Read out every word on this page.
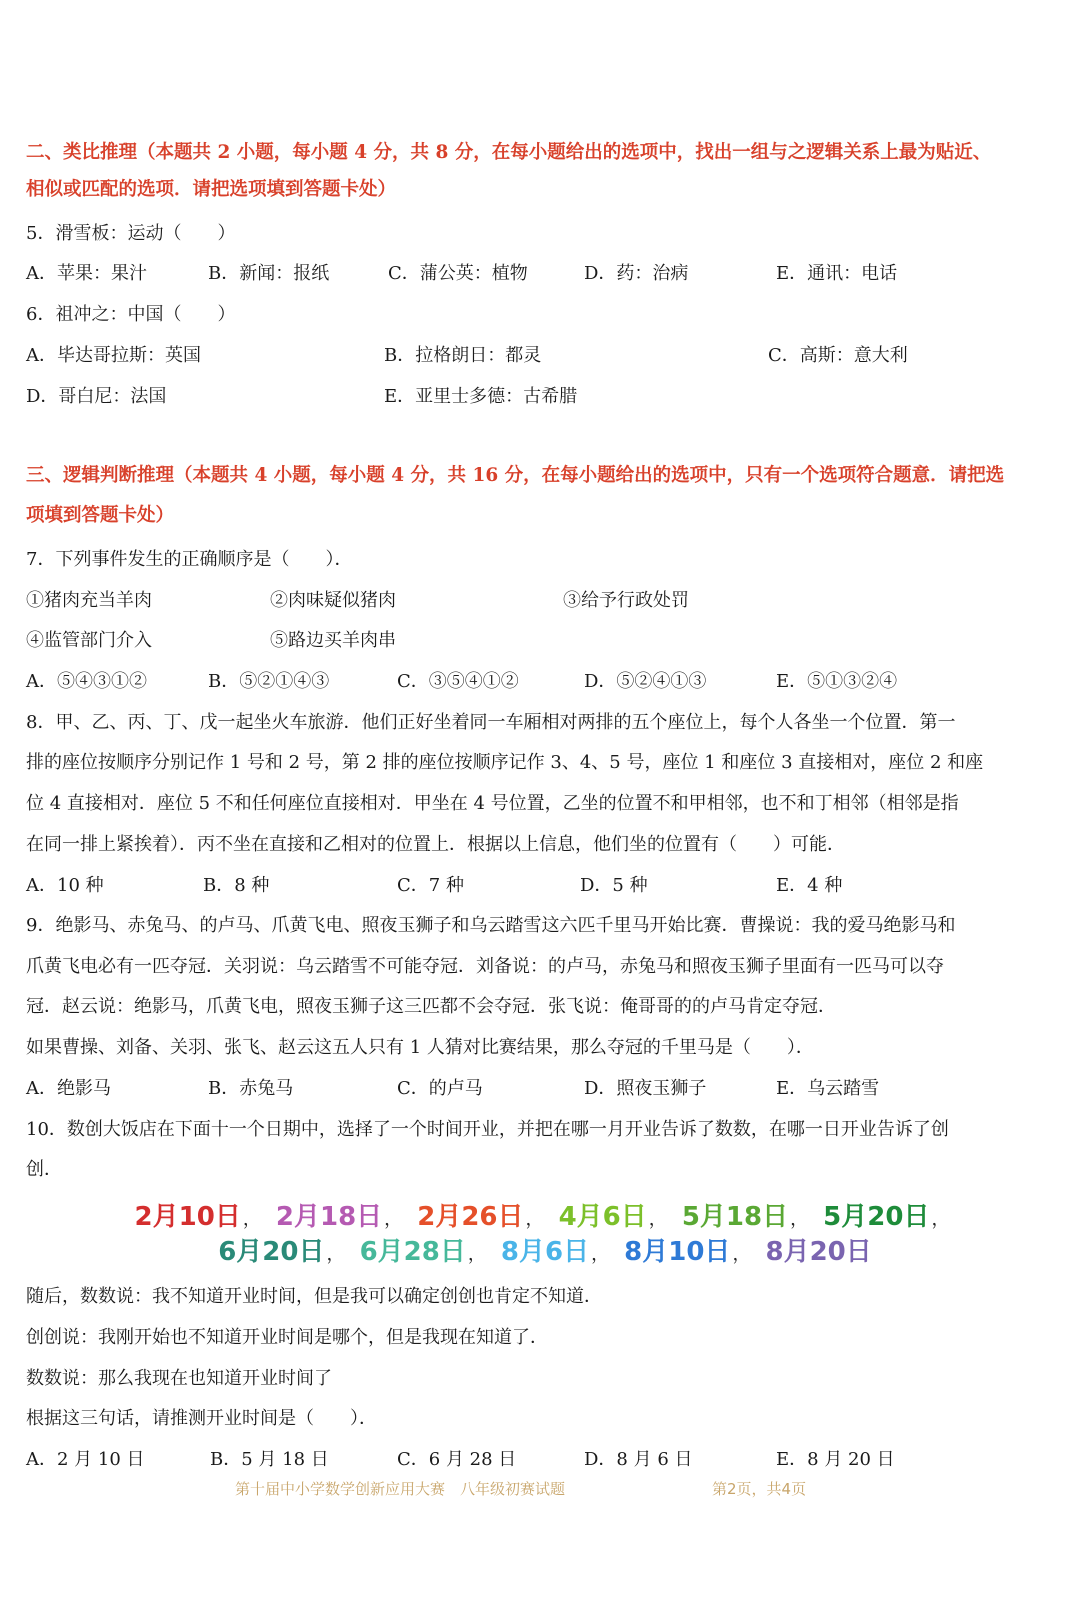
二、类比推理（本题共 2 小题，每小题 4 分，共 8 分，在每小题给出的选项中，找出一组与之逻辑关系上最为贴近、
相似或匹配的选项．请把选项填到答题卡处）
5．滑雪板：运动（　　）
A．苹果：果汁	B．新闻：报纸	C．蒲公英：植物	D．药：治病	E．通讯：电话
6．祖冲之：中国（　　）
A．毕达哥拉斯：英国	B．拉格朗日：都灵	C．高斯：意大利
D．哥白尼：法国	E．亚里士多德：古希腊
三、逻辑判断推理（本题共 4 小题，每小题 4 分，共 16 分，在每小题给出的选项中，只有一个选项符合题意．请把选
项填到答题卡处）
7．下列事件发生的正确顺序是（　　）．
①猪肉充当羊肉	②肉味疑似猪肉	③给予行政处罚
④监管部门介入	⑤路边买羊肉串
A．⑤④③①②	B．⑤②①④③	C．③⑤④①②	D．⑤②④①③	E．⑤①③②④
8．甲、乙、丙、丁、戊一起坐火车旅游．他们正好坐着同一车厢相对两排的五个座位上，每个人各坐一个位置．第一
排的座位按顺序分别记作 1 号和 2 号，第 2 排的座位按顺序记作 3、4、5 号，座位 1 和座位 3 直接相对，座位 2 和座
位 4 直接相对．座位 5 不和任何座位直接相对．甲坐在 4 号位置，乙坐的位置不和甲相邻，也不和丁相邻（相邻是指
在同一排上紧挨着）．丙不坐在直接和乙相对的位置上．根据以上信息，他们坐的位置有（　　）可能．
A．10 种	B．8 种	C．7 种	D．5 种	E．4 种
9．绝影马、赤兔马、的卢马、爪黄飞电、照夜玉狮子和乌云踏雪这六匹千里马开始比赛．曹操说：我的爱马绝影马和
爪黄飞电必有一匹夺冠．关羽说：乌云踏雪不可能夺冠．刘备说：的卢马，赤兔马和照夜玉狮子里面有一匹马可以夺
冠．赵云说：绝影马，爪黄飞电，照夜玉狮子这三匹都不会夺冠．张飞说：俺哥哥的的卢马肯定夺冠．
如果曹操、刘备、关羽、张飞、赵云这五人只有 1 人猜对比赛结果，那么夺冠的千里马是（　　）．
A．绝影马	B．赤兔马	C．的卢马	D．照夜玉狮子	E．乌云踏雪
10．数创大饭店在下面十一个日期中，选择了一个时间开业，并把在哪一月开业告诉了数数，在哪一日开业告诉了创
创．
2月10日 ， 2月18日 ， 2月26日 ， 4月6日 ， 5月18日 ， 5月20日 ，
6月20日 ， 6月28日 ， 8月6日 ， 8月10日 ， 8月20日
随后，数数说：我不知道开业时间，但是我可以确定创创也肯定不知道．
创创说：我刚开始也不知道开业时间是哪个，但是我现在知道了．
数数说：那么我现在也知道开业时间了
根据这三句话，请推测开业时间是（　　）．
A．2 月 10 日	B．5 月 18 日	C．6 月 28 日	D．8 月 6 日	E．8 月 20 日
第十届中小学数学创新应用大赛　八年级初赛试题	第2页，共4页
